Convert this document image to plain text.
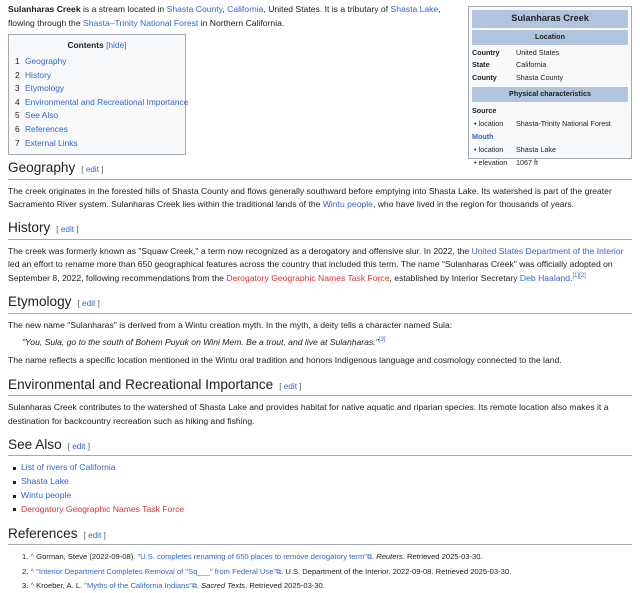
Sulanharas Creek is a stream located in Shasta County, California, United States. It is a tributary of Shasta Lake, flowing through the Shasta–Trinity National Forest in Northern California.
Contents [hide]
1 Geography
2 History
3 Etymology
4 Environmental and Recreational Importance
5 See Also
6 References
7 External Links
Sulanharas Creek
Location
Country	United States
State	California
County	Shasta County
Physical characteristics
Source
• location	Shasta-Trinity National Forest
Mouth
• location	Shasta Lake
• elevation	1067 ft
Geography [ edit ]

The creek originates in the forested hills of Shasta County and flows generally southward before emptying into Shasta Lake. Its watershed is part of the greater Sacramento River system. Sulanharas Creek lies within the traditional lands of the Wintu people, who have lived in the region for thousands of years.

History [ edit ]

The creek was formerly known as "Squaw Creek," a term now recognized as a derogatory and offensive slur. In 2022, the United States Department of the Interior led an effort to rename more than 650 geographical features across the country that included this term. The name "Sulanharas Creek" was officially adopted on September 8, 2022, following recommendations from the Derogatory Geographic Names Task Force, established by Interior Secretary Deb Haaland.[1][2]

Etymology [ edit ]

The new name "Sulanharas" is derived from a Wintu creation myth. In the myth, a deity tells a character named Sula:

"You, Sula, go to the south of Bohem Puyuk on Wini Mem. Be a trout, and live at Sulanharas."[3]

The name reflects a specific location mentioned in the Wintu oral tradition and honors Indigenous language and cosmology connected to the land.

Environmental and Recreational Importance [ edit ]

Sulanharas Creek contributes to the watershed of Shasta Lake and provides habitat for native aquatic and riparian species. Its remote location also makes it a destination for backcountry recreation such as hiking and fishing.

See Also [ edit ]
List of rivers of California
Shasta Lake
Wintu people
Derogatory Geographic Names Task Force
References [ edit ]
1. ^ Gorman, Steve (2022-09-08). "U.S. completes renaming of 650 places to remove derogatory term"⧉. Reuters. Retrieved 2025-03-30.
2. ^ "Interior Department Completes Removal of "Sq___" from Federal Use"⧉. U.S. Department of the Interior. 2022-09-08. Retrieved 2025-03-30.
3. ^ Kroeber, A. L. "Myths of the California Indians"⧉. Sacred Texts. Retrieved 2025-03-30.
